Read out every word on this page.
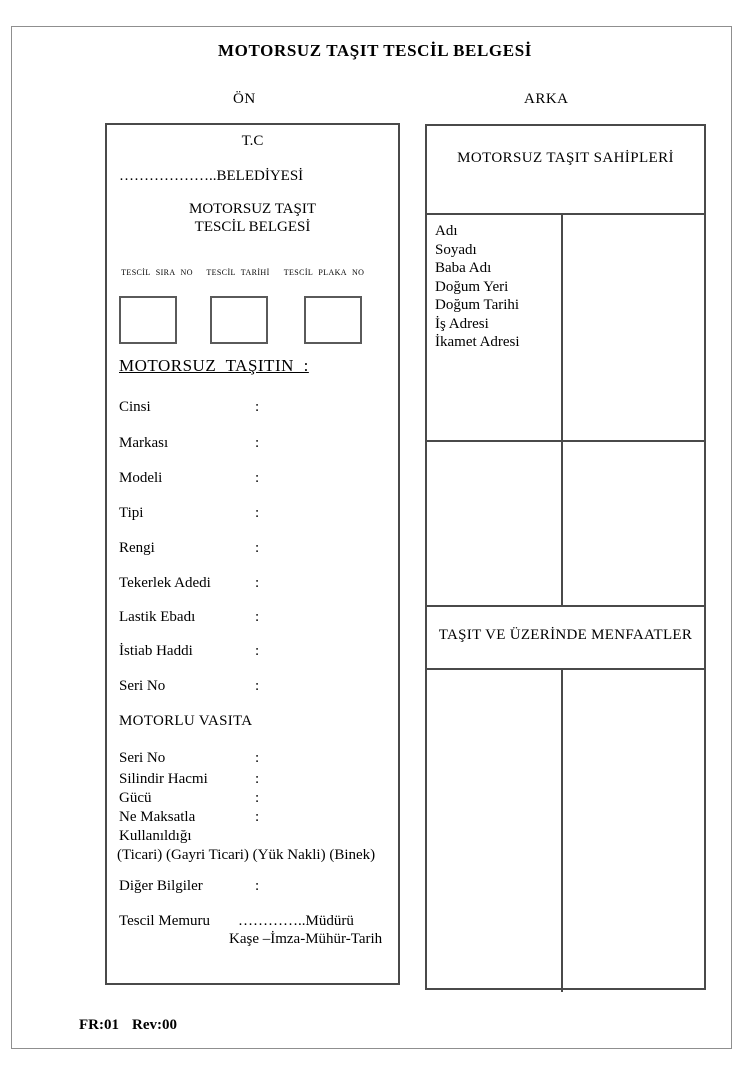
MOTORSUZ TAŞIT TESCİL BELGESİ
ÖN	ARKA
T.C
………………..BELEDİYESİ
MOTORSUZ TAŞIT
TESCİL BELGESİ
TESCİL SIRA NO TESCİL TARİHİ TESCİL PLAKA NO
MOTORSUZ TAŞITIN :
Cinsi	:
Markası	:
Modeli	:
Tipi	:
Rengi	:
Tekerlek Adedi	:
Lastik Ebadı	:
İstiab Haddi	:
Seri No	:
MOTORLU VASITA
Seri No	:
Silindir Hacmi	:
Gücü	:
Ne Maksatla	:
Kullanıldığı
(Ticari) (Gayri Ticari) (Yük Nakli) (Binek)
Diğer Bilgiler	:
Tescil Memuru …………..Müdürü
Kaşe –İmza-Mühür-Tarih
MOTORSUZ TAŞIT SAHİPLERİ
Adı
Soyadı
Baba Adı
Doğum Yeri
Doğum Tarihi
İş Adresi
İkamet Adresi
TAŞIT VE ÜZERİNDE MENFAATLER
FR:01 Rev:00
